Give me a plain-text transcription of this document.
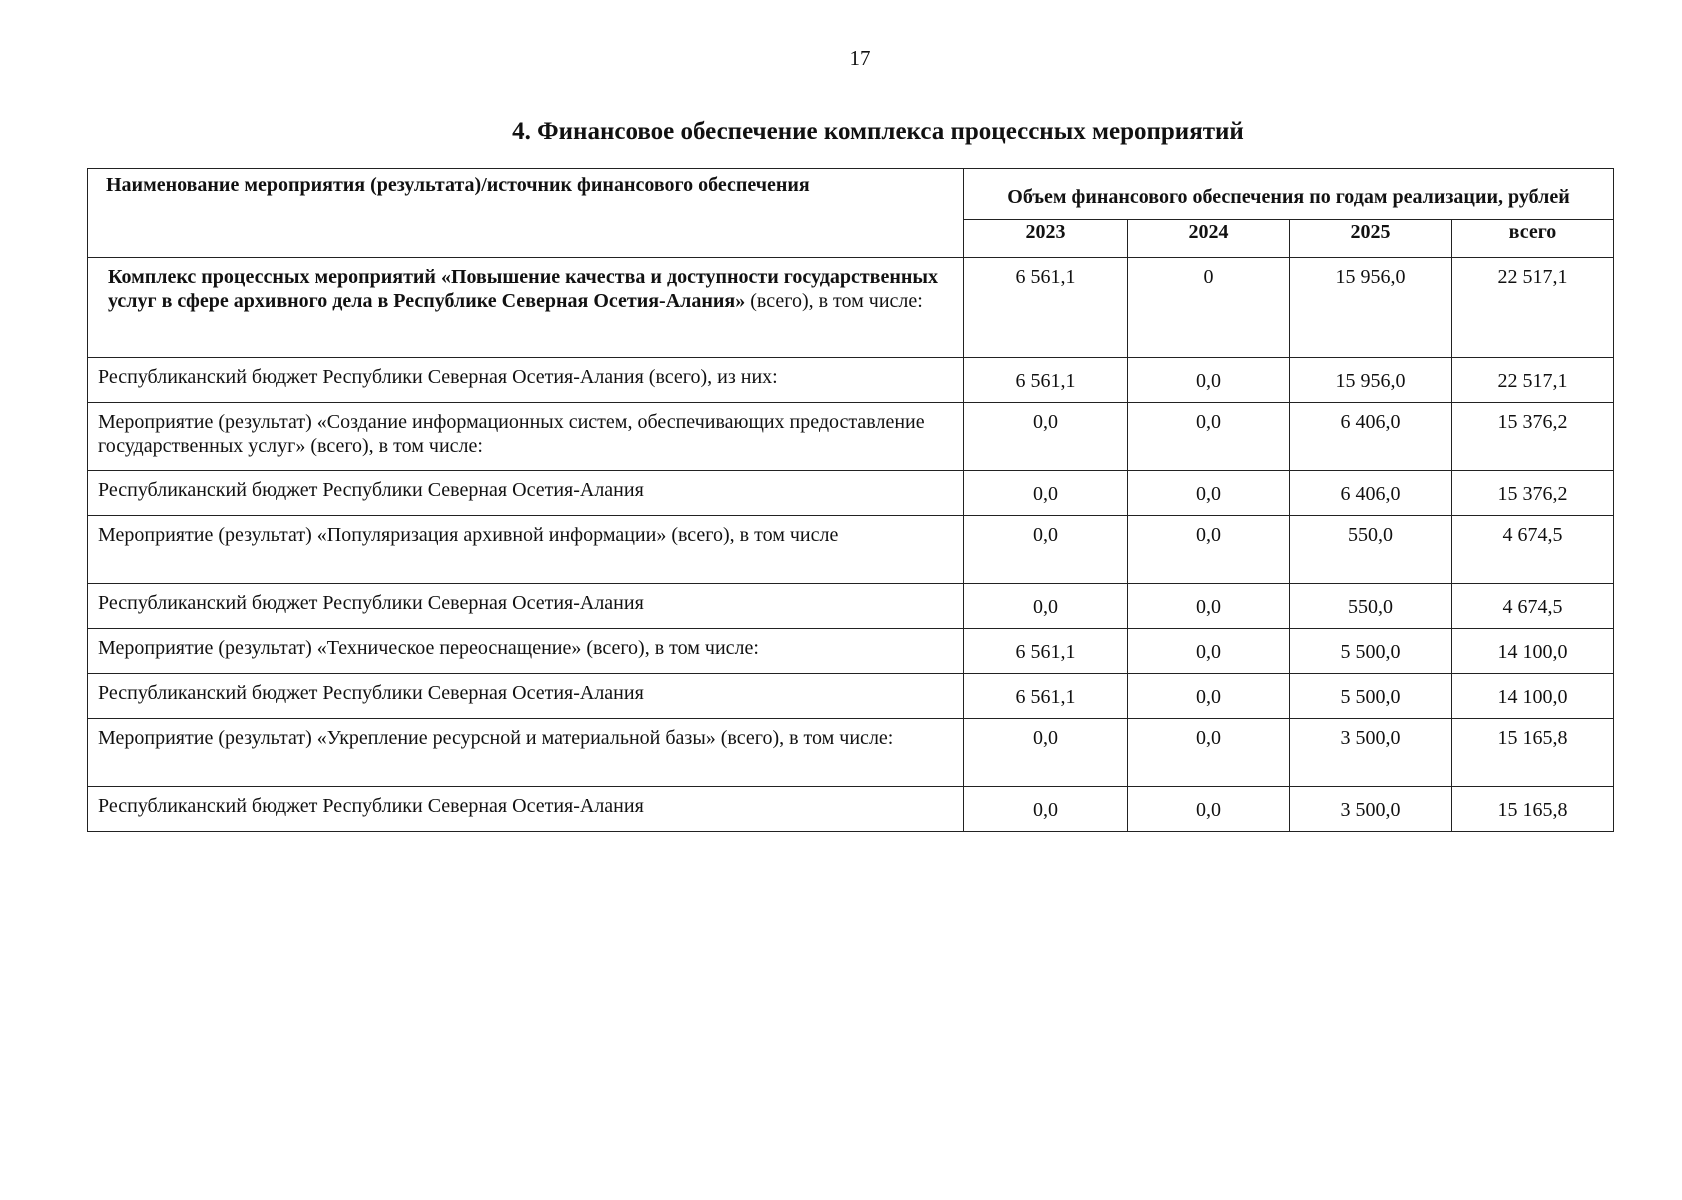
17
4. Финансовое обеспечение комплекса процессных мероприятий
Наименование мероприятия (результата)/источник финансового обеспечения	Объем финансового обеспечения по годам реализации, рублей			
	2023	2024	2025	всего
Комплекс процессных мероприятий «Повышение качества и доступности государственных услуг в сфере архивного дела в Республике Северная Осетия-Алания» (всего), в том числе:	6 561,1	0	15 956,0	22 517,1
Республиканский бюджет Республики Северная Осетия-Алания (всего), из них:	6 561,1	0,0	15 956,0	22 517,1
Мероприятие (результат) «Создание информационных систем, обеспечивающих предоставление государственных услуг» (всего), в том числе:	0,0	0,0	6 406,0	15 376,2
Республиканский бюджет Республики Северная Осетия-Алания	0,0	0,0	6 406,0	15 376,2
Мероприятие (результат) «Популяризация архивной информации» (всего), в том числе	0,0	0,0	550,0	4 674,5
Республиканский бюджет Республики Северная Осетия-Алания	0,0	0,0	550,0	4 674,5
Мероприятие (результат) «Техническое переоснащение» (всего), в том числе:	6 561,1	0,0	5 500,0	14 100,0
Республиканский бюджет Республики Северная Осетия-Алания	6 561,1	0,0	5 500,0	14 100,0
Мероприятие (результат) «Укрепление ресурсной и материальной базы» (всего), в том числе:	0,0	0,0	3 500,0	15 165,8
Республиканский бюджет Республики Северная Осетия-Алания	0,0	0,0	3 500,0	15 165,8
